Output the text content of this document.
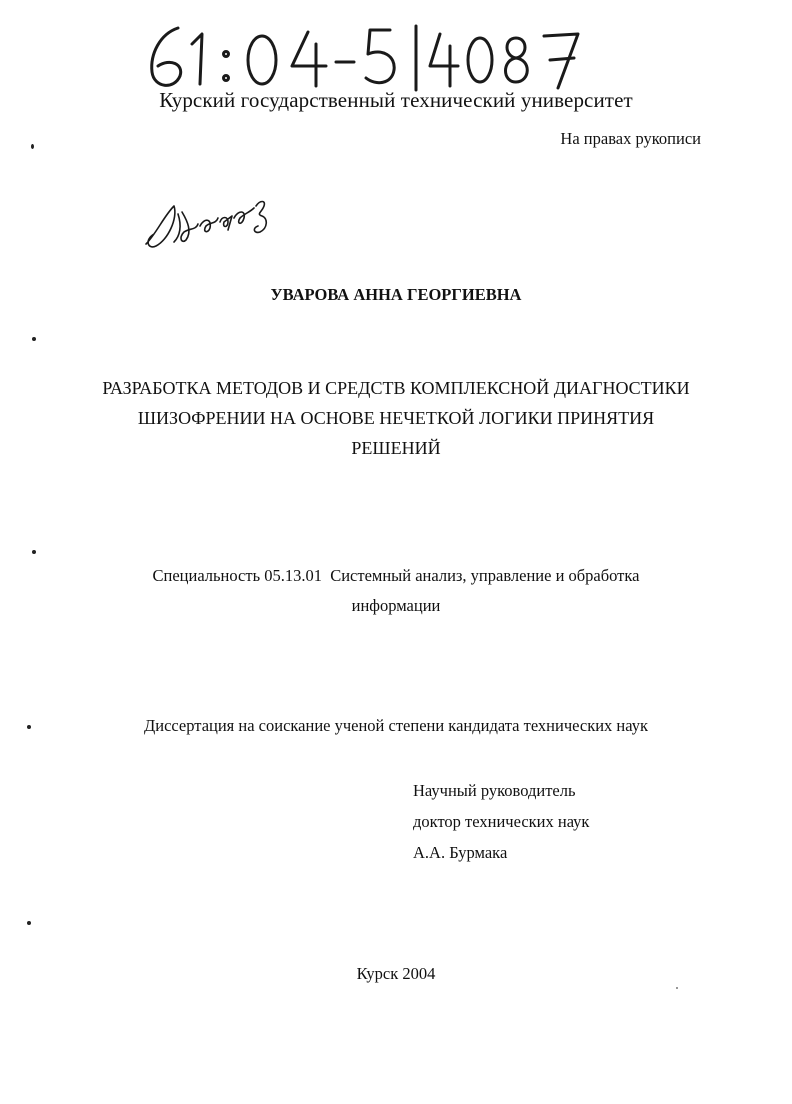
Курский государственный технический университет
На правах рукописи
УВАРОВА АННА ГЕОРГИЕВНА
РАЗРАБОТКА МЕТОДОВ И СРЕДСТВ КОМПЛЕКСНОЙ ДИАГНОСТИКИ
ШИЗОФРЕНИИ НА ОСНОВЕ НЕЧЕТКОЙ ЛОГИКИ ПРИНЯТИЯ
РЕШЕНИЙ
Специальность 05.13.01  Системный анализ, управление и обработка
информации
Диссертация на соискание ученой степени кандидата технических наук
Научный руководитель
доктор технических наук
А.А. Бурмака
Курск 2004
